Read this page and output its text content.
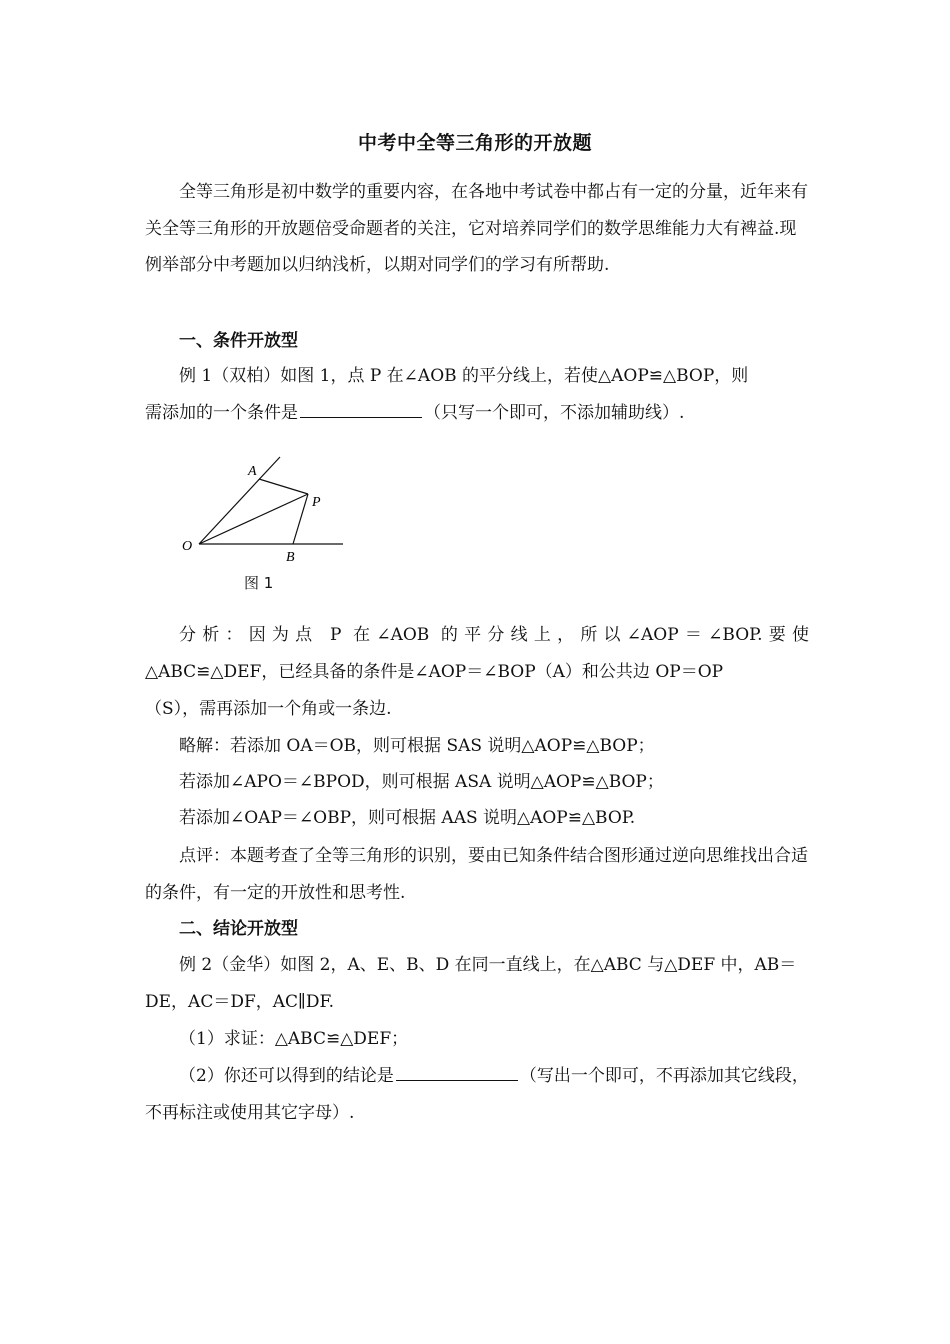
中考中全等三角形的开放题

全等三角形是初中数学的重要内容，在各地中考试卷中都占有一定的分量，近年来有关全等三角形的开放题倍受命题者的关注，它对培养同学们的数学思维能力大有裨益.现例举部分中考题加以归纳浅析，以期对同学们的学习有所帮助.

一、条件开放型
例 1（双柏）如图 1，点 P 在∠AOB 的平分线上，若使△AOP≌△BOP，则
需添加的一个条件是	（只写一个即可，不添加辅助线）.
A
P
O
B
图 1
分析：因为点 P 在∠AOB 的平分线上，所以∠AOP＝∠BOP.要使
△ABC≌△DEF，已经具备的条件是∠AOP＝∠BOP（A）和公共边 OP＝OP
（S），需再添加一个角或一条边.
略解：若添加 OA＝OB，则可根据 SAS 说明△AOP≌△BOP；
若添加∠APO＝∠BPOD，则可根据 ASA 说明△AOP≌△BOP；
若添加∠OAP＝∠OBP，则可根据 AAS 说明△AOP≌△BOP.

点评：本题考查了全等三角形的识别，要由已知条件结合图形通过逆向思维找出合适的条件，有一定的开放性和思考性.

二、结论开放型

例 2（金华）如图 2，A、E、B、D 在同一直线上，在△ABC 与△DEF 中，AB＝DE，AC＝DF，AC∥DF.

（1）求证：△ABC≌△DEF；

（2）你还可以得到的结论是	（写出一个即可，不再添加其它线段，不再标注或使用其它字母）.
